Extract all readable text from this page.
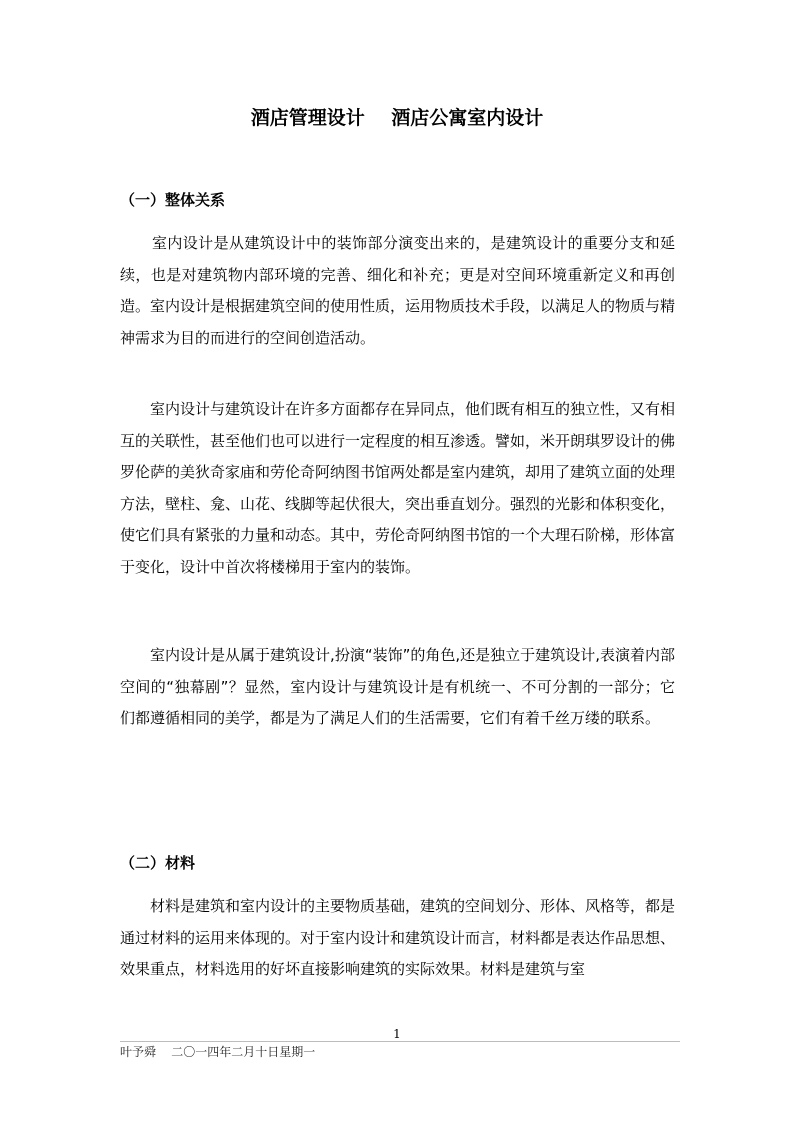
酒店管理设计    酒店公寓室内设计
（一）整体关系

室内设计是从建筑设计中的装饰部分演变出来的，是建筑设计的重要分支和延续，也是对建筑物内部环境的完善、细化和补充；更是对空间环境重新定义和再创造。室内设计是根据建筑空间的使用性质，运用物质技术手段，以满足人的物质与精神需求为目的而进行的空间创造活动。

室内设计与建筑设计在许多方面都存在异同点，他们既有相互的独立性，又有相互的关联性，甚至他们也可以进行一定程度的相互渗透。譬如，米开朗琪罗设计的佛罗伦萨的美狄奇家庙和劳伦奇阿纳图书馆两处都是室内建筑，却用了建筑立面的处理方法，壁柱、龛、山花、线脚等起伏很大，突出垂直划分。强烈的光影和体积变化，使它们具有紧张的力量和动态。其中，劳伦奇阿纳图书馆的一个大理石阶梯，形体富于变化，设计中首次将楼梯用于室内的装饰。

室内设计是从属于建筑设计,扮演“装饰”的角色,还是独立于建筑设计,表演着内部空间的“独幕剧”？显然，室内设计与建筑设计是有机统一、不可分割的一部分；它们都遵循相同的美学，都是为了满足人们的生活需要，它们有着千丝万缕的联系。

（二）材料

材料是建筑和室内设计的主要物质基础，建筑的空间划分、形体、风格等，都是通过材料的运用来体现的。对于室内设计和建筑设计而言，材料都是表达作品思想、效果重点，材料选用的好坏直接影响建筑的实际效果。材料是建筑与室

1
叶予舜    二〇一四年二月十日星期一
